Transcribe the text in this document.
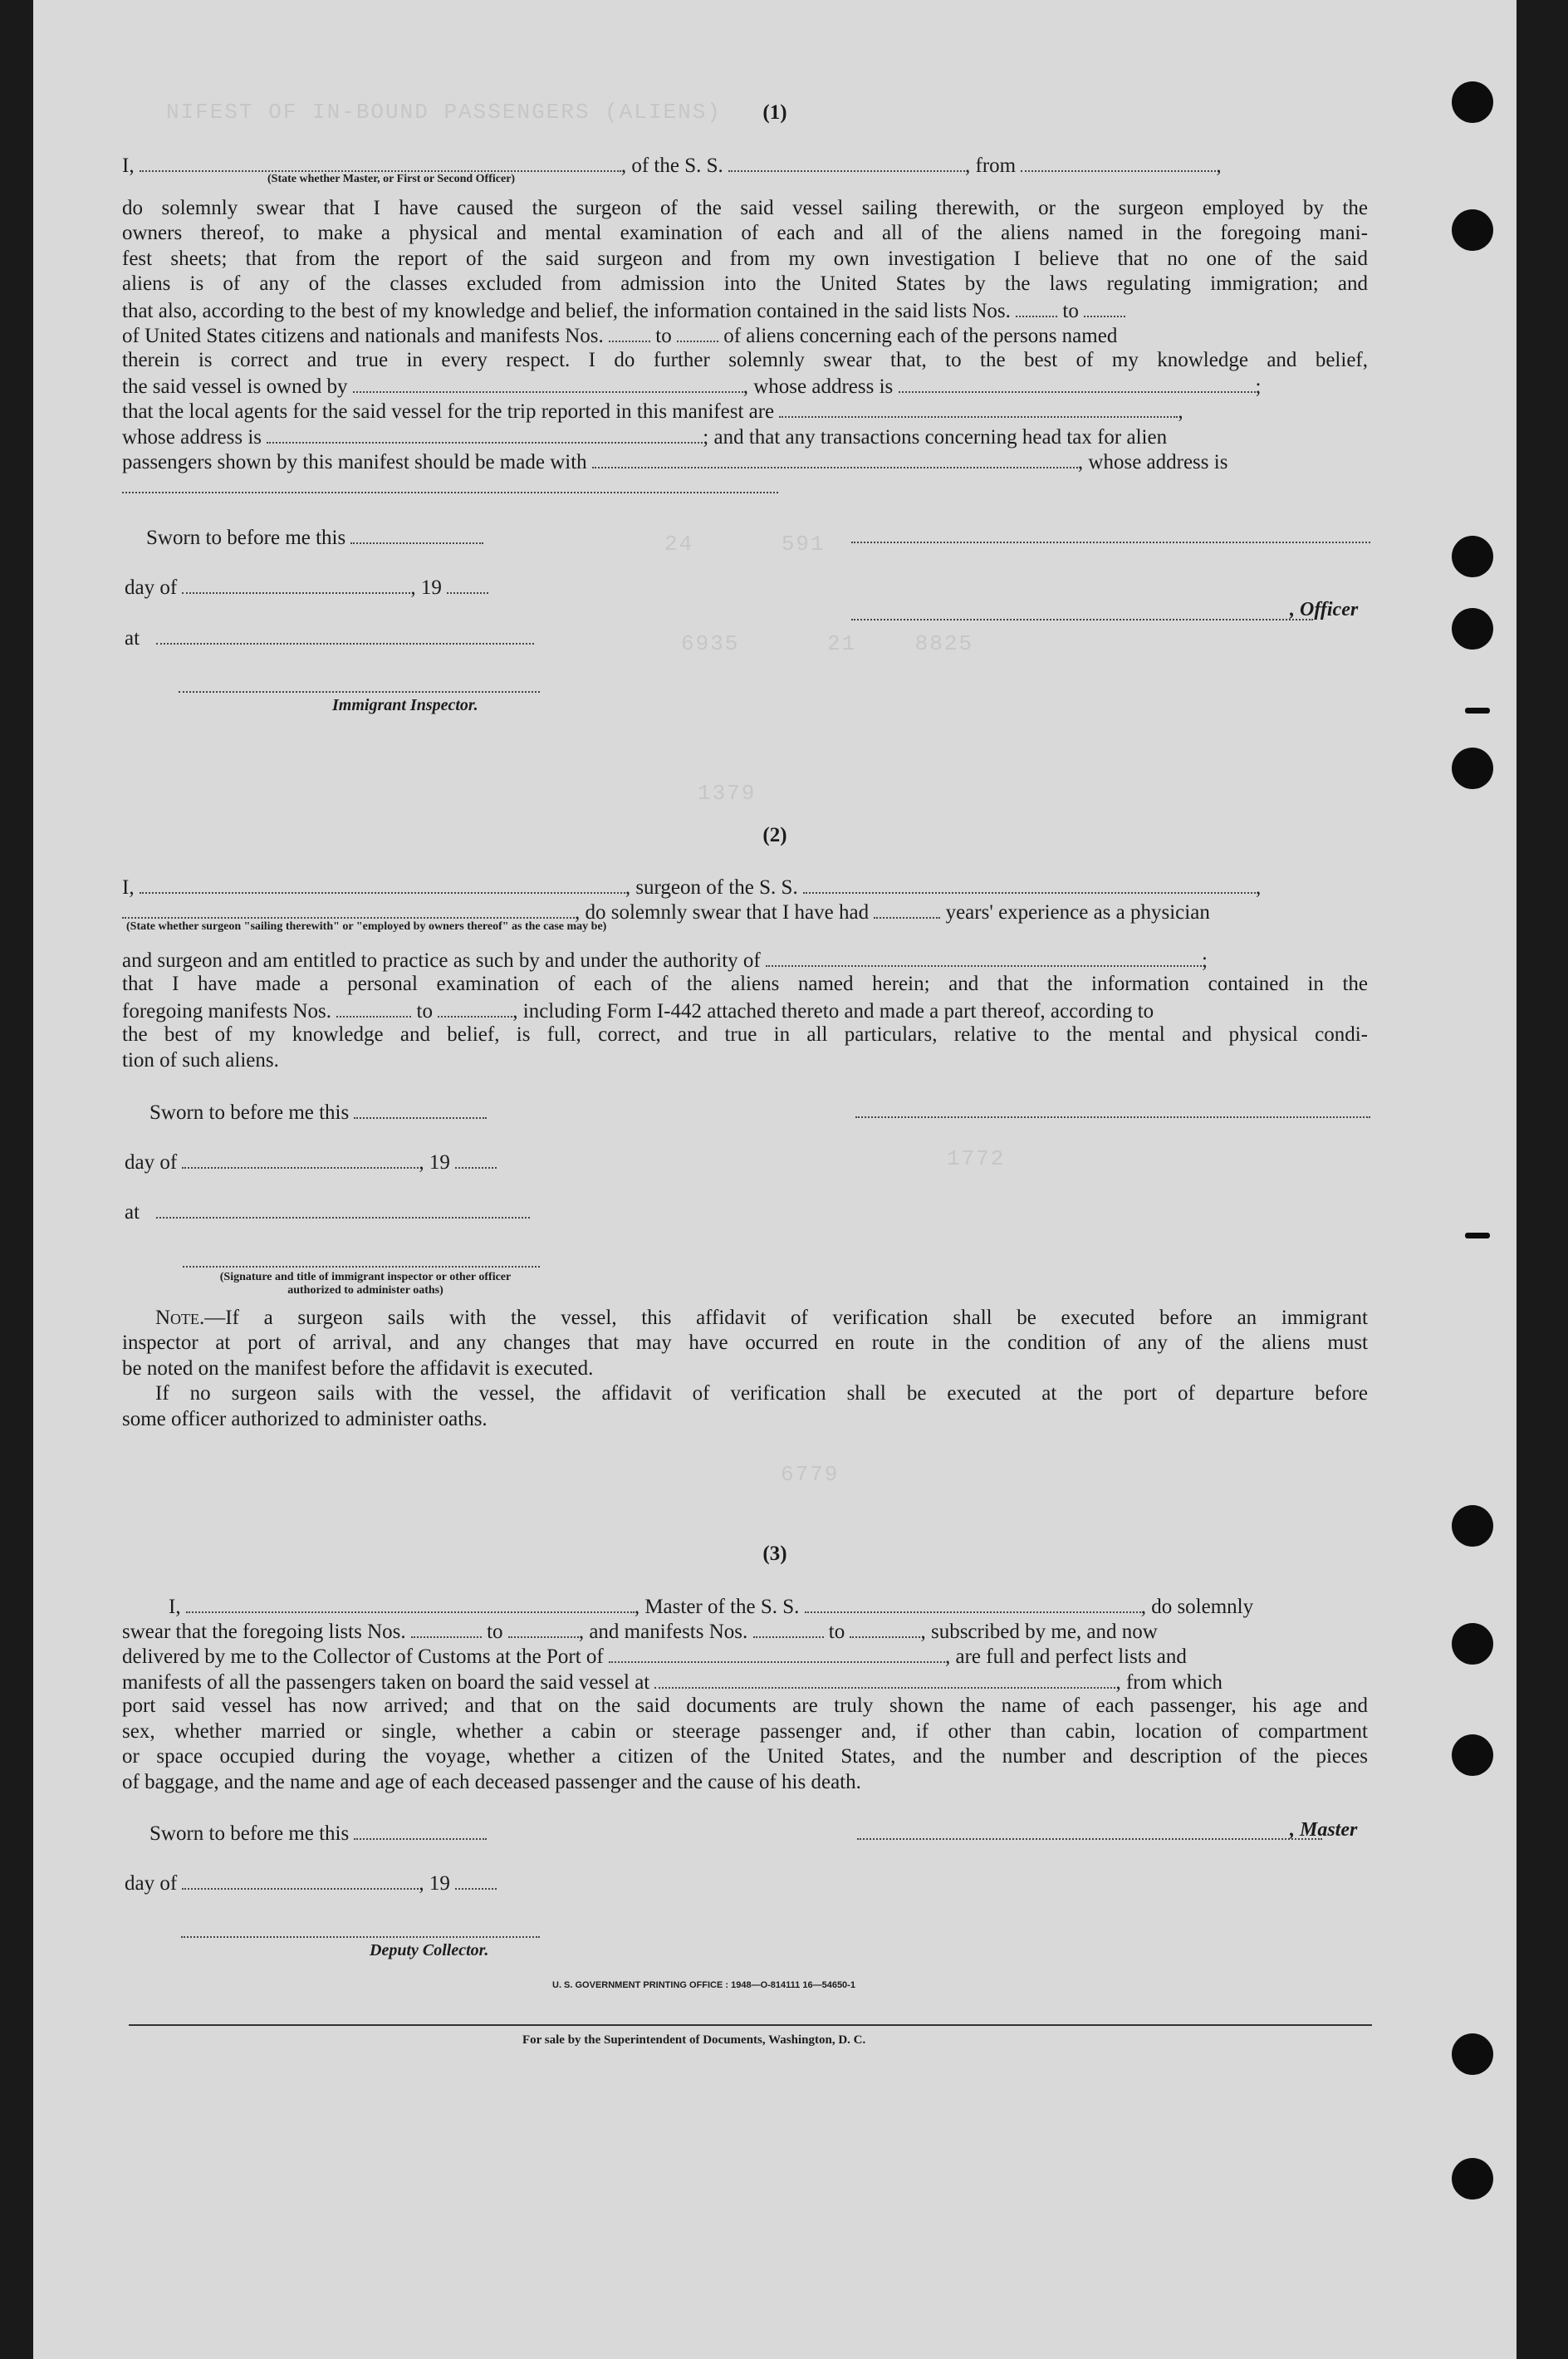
NIFEST OF IN-BOUND PASSENGERS (ALIENS)
24      591
6935      21    8825
1379
1772
6779
(1)
I,	, of the S. S.	, from	,
(State whether Master, or First or Second Officer)
do solemnly swear that I have caused the surgeon of the said vessel sailing therewith, or the surgeon employed by the
owners thereof, to make a physical and mental examination of each and all of the aliens named in the foregoing mani-
fest sheets; that from the report of the said surgeon and from my own investigation I believe that no one of the said
aliens is of any of the classes excluded from admission into the United States by the laws regulating immigration; and
that also, according to the best of my knowledge and belief, the information contained in the said lists Nos.	to
of United States citizens and nationals and manifests Nos.	to	of aliens concerning each of the persons named
therein is correct and true in every respect. I do further solemnly swear that, to the best of my knowledge and belief,
the said vessel is owned by	, whose address is	;
that the local agents for the said vessel for the trip reported in this manifest are	,
whose address is	; and that any transactions concerning head tax for alien
passengers shown by this manifest should be made with	, whose address is
Sworn to before me this
day of	, 19
, Officer
at
Immigrant Inspector.
(2)
I,	, surgeon of the S. S.	,
, do solemnly swear that I have had	years' experience as a physician
(State whether surgeon "sailing therewith" or "employed by owners thereof" as the case may be)
and surgeon and am entitled to practice as such by and under the authority of	;
that I have made a personal examination of each of the aliens named herein; and that the information contained in the
foregoing manifests Nos.	to	, including Form I-442 attached thereto and made a part thereof, according to
the best of my knowledge and belief, is full, correct, and true in all particulars, relative to the mental and physical condi-
tion of such aliens.
Sworn to before me this
day of	, 19
at
(Signature and title of immigrant inspector or other officer authorized to administer oaths)
Note.—If a surgeon sails with the vessel, this affidavit of verification shall be executed before an immigrant
inspector at port of arrival, and any changes that may have occurred en route in the condition of any of the aliens must
be noted on the manifest before the affidavit is executed.
If no surgeon sails with the vessel, the affidavit of verification shall be executed at the port of departure before
some officer authorized to administer oaths.
(3)
I,	, Master of the S. S.	, do solemnly
swear that the foregoing lists Nos.	to	, and manifests Nos.	to	, subscribed by me, and now
delivered by me to the Collector of Customs at the Port of	, are full and perfect lists and
manifests of all the passengers taken on board the said vessel at	, from which
port said vessel has now arrived; and that on the said documents are truly shown the name of each passenger, his age and
sex, whether married or single, whether a cabin or steerage passenger and, if other than cabin, location of compartment
or space occupied during the voyage, whether a citizen of the United States, and the number and description of the pieces
of baggage, and the name and age of each deceased passenger and the cause of his death.
Sworn to before me this	, Master
day of	, 19
Deputy Collector.
U. S. GOVERNMENT PRINTING OFFICE : 1948—O-814111 16—54650-1
For sale by the Superintendent of Documents, Washington, D. C.
